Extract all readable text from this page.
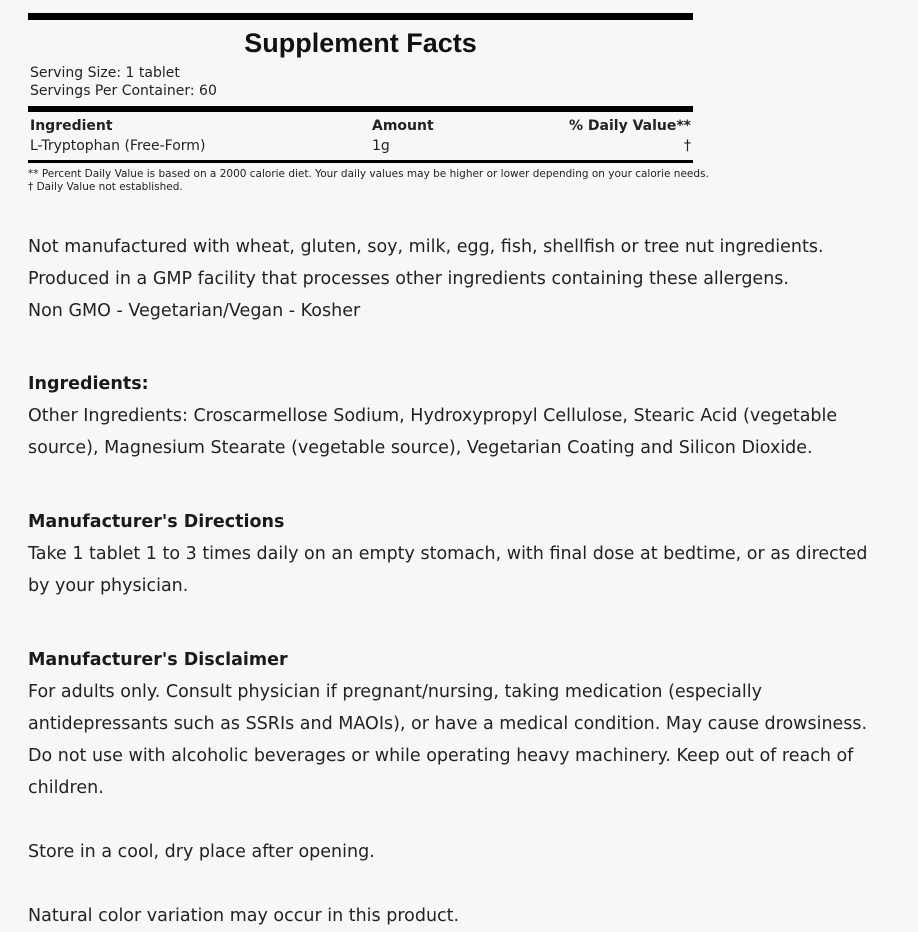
Supplement Facts
Serving Size: 1 tablet
Servings Per Container: 60
Ingredient	Amount	% Daily Value**
L-Tryptophan (Free-Form)	1g	†
** Percent Daily Value is based on a 2000 calorie diet. Your daily values may be higher or lower depending on your calorie needs.
† Daily Value not established.

Not manufactured with wheat, gluten, soy, milk, egg, fish, shellfish or tree nut ingredients. Produced in a GMP facility that processes other ingredients containing these allergens.

Non GMO - Vegetarian/Vegan - Kosher

Ingredients:

Other Ingredients: Croscarmellose Sodium, Hydroxypropyl Cellulose, Stearic Acid (vegetable source), Magnesium Stearate (vegetable source), Vegetarian Coating and Silicon Dioxide.

Manufacturer's Directions

Take 1 tablet 1 to 3 times daily on an empty stomach, with final dose at bedtime, or as directed by your physician.

Manufacturer's Disclaimer

For adults only. Consult physician if pregnant/nursing, taking medication (especially antidepressants such as SSRIs and MAOIs), or have a medical condition. May cause drowsiness. Do not use with alcoholic beverages or while operating heavy machinery. Keep out of reach of children.

Store in a cool, dry place after opening.

Natural color variation may occur in this product.
